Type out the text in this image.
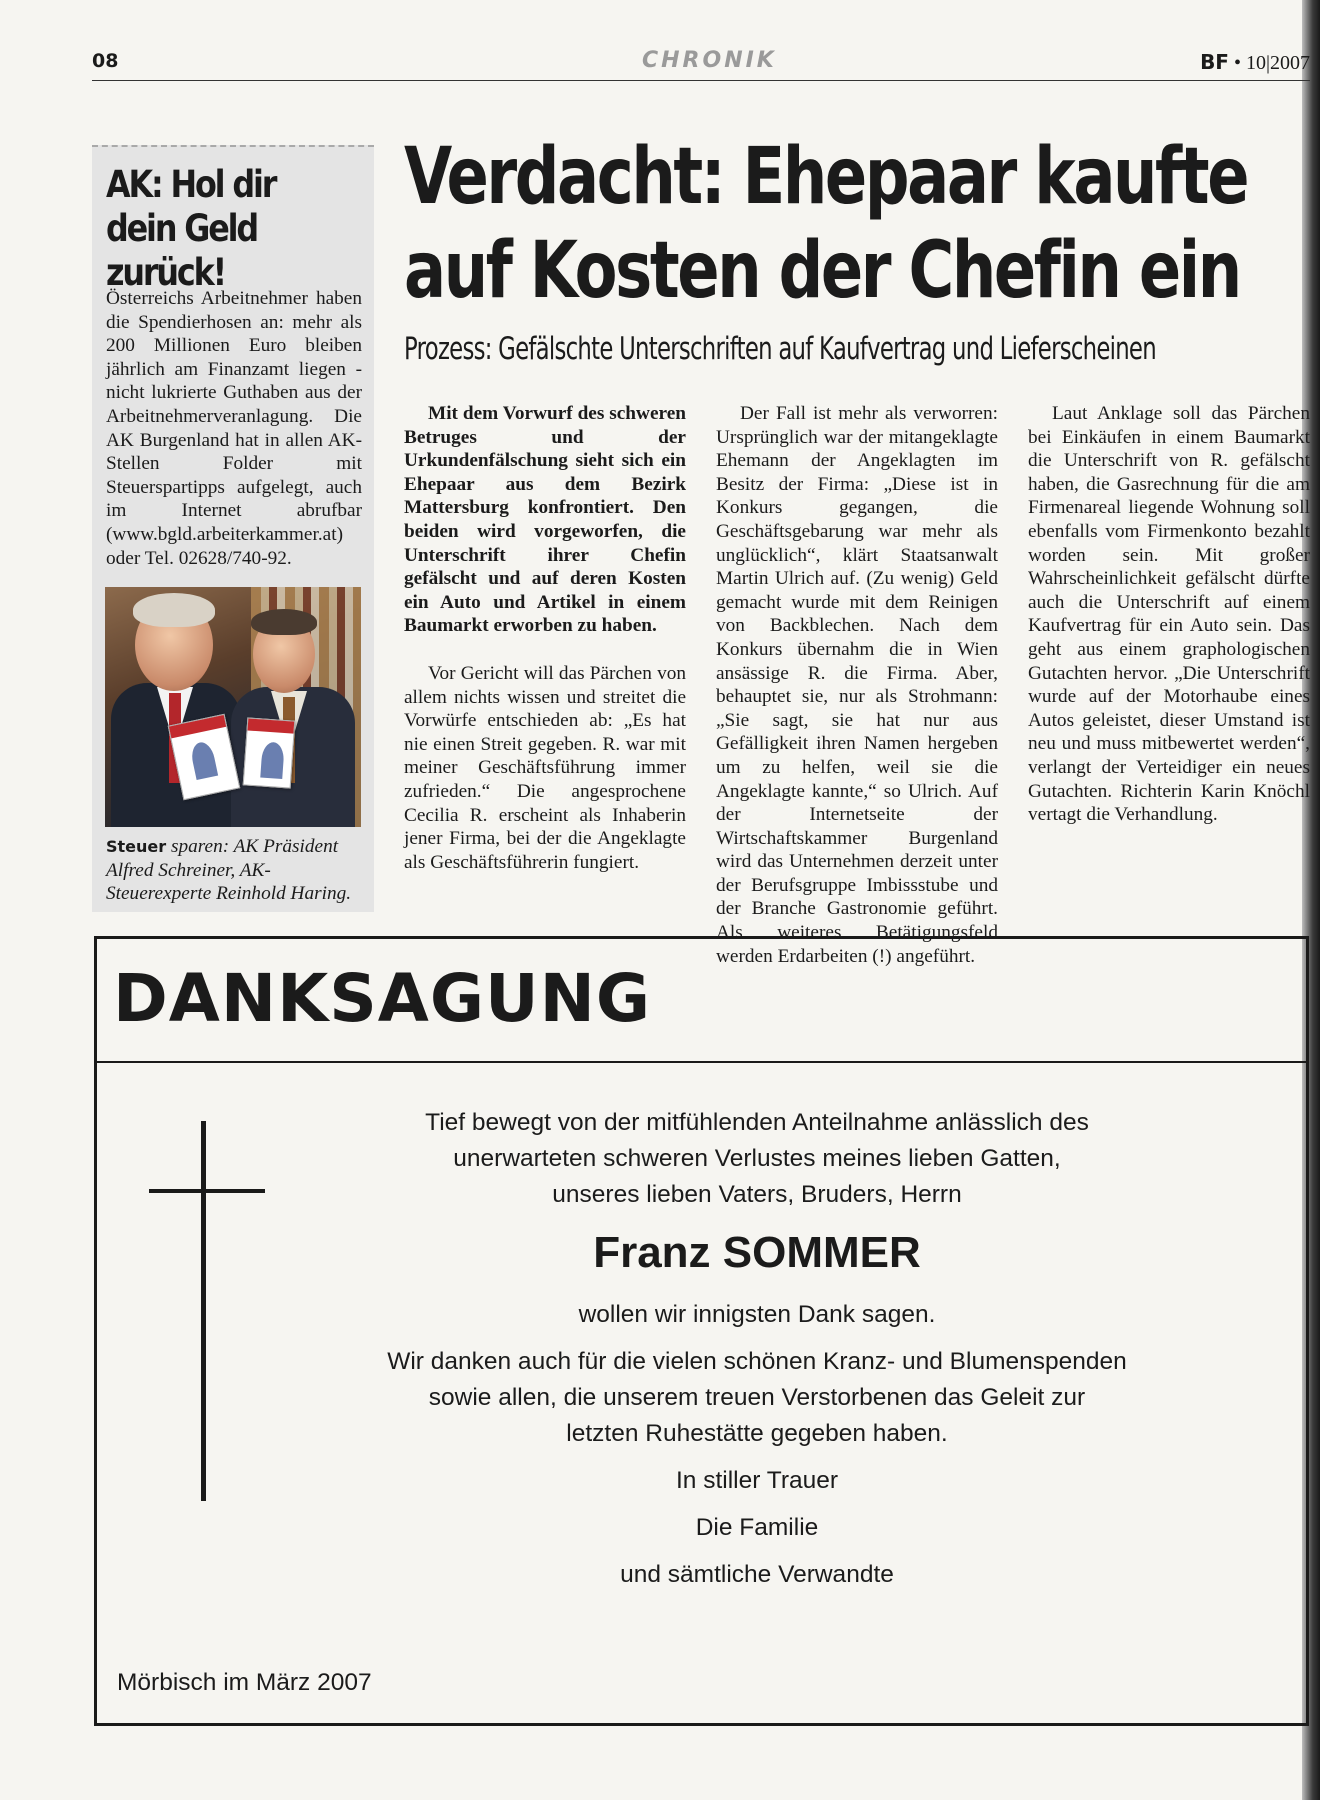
08	CHRONIK	BF • 10|2007
AK: Hol dir dein Geld zurück!
Österreichs Arbeitnehmer haben die Spendierhosen an: mehr als 200 Millionen Euro bleiben jährlich am Finanzamt liegen - nicht lukrierte Guthaben aus der Arbeitnehmerveranlagung. Die AK Burgenland hat in allen AK-Stellen Folder mit Steuerspartipps aufgelegt, auch im Internet abrufbar (www.bgld.arbeiterkammer.at) oder Tel. 02628/740-92.
Steuer sparen: AK Präsident Alfred Schreiner, AK-Steuerexperte Reinhold Haring.
Verdacht: Ehepaar kaufte
auf Kosten der Chefin ein
Prozess: Gefälschte Unterschriften auf Kaufvertrag und Lieferscheinen

Mit dem Vorwurf des schweren Betruges und der Urkundenfälschung sieht sich ein Ehepaar aus dem Bezirk Mattersburg konfrontiert. Den beiden wird vorgeworfen, die Unterschrift ihrer Chefin gefälscht und auf deren Kosten ein Auto und Artikel in einem Baumarkt erworben zu haben.

Vor Gericht will das Pärchen von allem nichts wissen und streitet die Vorwürfe entschieden ab: „Es hat nie einen Streit gegeben. R. war mit meiner Geschäftsführung immer zufrieden.“ Die angesprochene Cecilia R. erscheint als Inhaberin jener Firma, bei der die Angeklagte als Geschäftsführerin fungiert.

Der Fall ist mehr als verworren: Ursprünglich war der mitangeklagte Ehemann der Angeklagten im Besitz der Firma: „Diese ist in Konkurs gegangen, die Geschäftsgebarung war mehr als unglücklich“, klärt Staatsanwalt Martin Ulrich auf. (Zu wenig) Geld gemacht wurde mit dem Reinigen von Backblechen. Nach dem Konkurs übernahm die in Wien ansässige R. die Firma. Aber, behauptet sie, nur als Strohmann: „Sie sagt, sie hat nur aus Gefälligkeit ihren Namen hergeben um zu helfen, weil sie die Angeklagte kannte,“ so Ulrich. Auf der Internetseite der Wirtschaftskammer Burgenland wird das Unternehmen derzeit unter der Berufsgruppe Imbissstube und der Branche Gastronomie geführt. Als weiteres Betätigungsfeld werden Erdarbeiten (!) angeführt.

Laut Anklage soll das Pärchen bei Einkäufen in einem Baumarkt die Unterschrift von R. gefälscht haben, die Gasrechnung für die am Firmenareal liegende Wohnung soll ebenfalls vom Firmenkonto bezahlt worden sein. Mit großer Wahrscheinlichkeit gefälscht dürfte auch die Unterschrift auf einem Kaufvertrag für ein Auto sein. Das geht aus einem graphologischen Gutachten hervor. „Die Unterschrift wurde auf der Motorhaube eines Autos geleistet, dieser Umstand ist neu und muss mitbewertet werden“, verlangt der Verteidiger ein neues Gutachten. Richterin Karin Knöchl vertagt die Verhandlung.

DANKSAGUNG
Tief bewegt von der mitfühlenden Anteilnahme anlässlich des
unerwarteten schweren Verlustes meines lieben Gatten,
unseres lieben Vaters, Bruders, Herrn
Franz SOMMER
wollen wir innigsten Dank sagen.
Wir danken auch für die vielen schönen Kranz- und Blumenspenden
sowie allen, die unserem treuen Verstorbenen das Geleit zur
letzten Ruhestätte gegeben haben.
In stiller Trauer
Die Familie
und sämtliche Verwandte
Mörbisch im März 2007
